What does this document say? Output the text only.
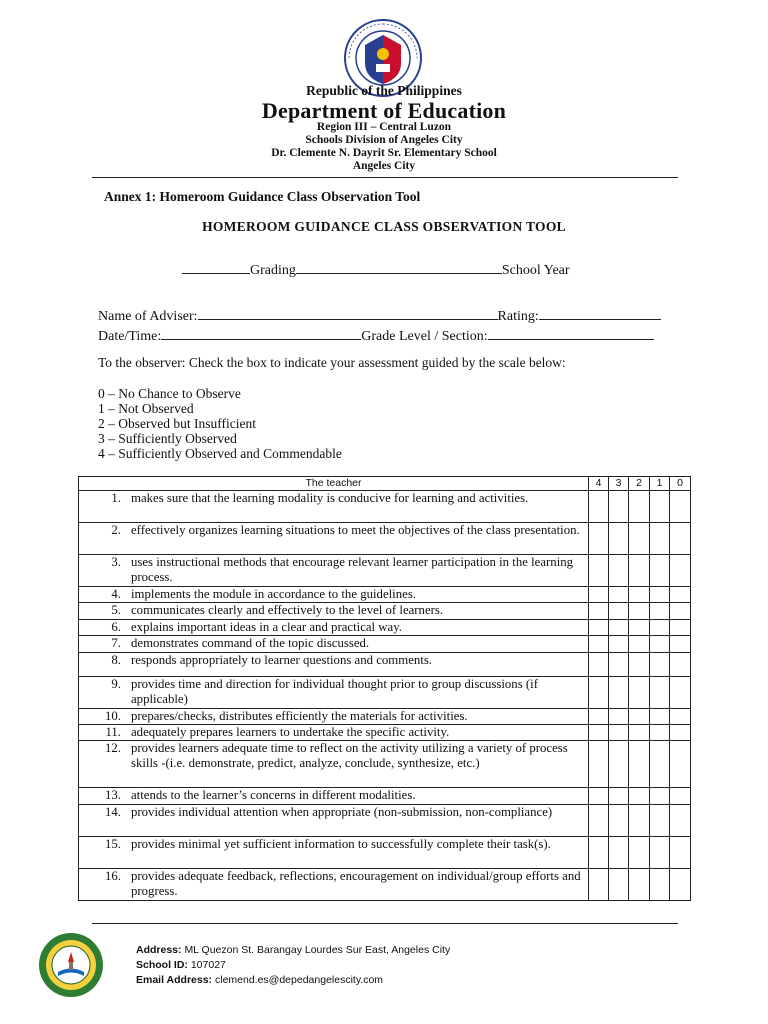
Republic of the Philippines
Department of Education
Region III – Central Luzon
Schools Division of Angeles City
Dr. Clemente N. Dayrit Sr. Elementary School
Angeles City
Annex 1: Homeroom Guidance Class Observation Tool
HOMEROOM GUIDANCE CLASS OBSERVATION TOOL
Grading	School Year
Name of Adviser:	Rating:
Date/Time:	Grade Level / Section:
To the observer: Check the box to indicate your assessment guided by the scale below:
0 – No Chance to Observe
1 – Not Observed
2 – Observed but Insufficient
3 – Sufficiently Observed
4 – Sufficiently Observed and Commendable
The teacher	4	3	2	1	0

1. makes sure that the learning modality is conducive for learning and activities.					

2. effectively organizes learning situations to meet the objectives of the class presentation.					

3. uses instructional methods that encourage relevant learner participation in the learning process.					

4. implements the module in accordance to the guidelines.					

5. communicates clearly and effectively to the level of learners.					

6. explains important ideas in a clear and practical way.					

7. demonstrates command of the topic discussed.					

8. responds appropriately to learner questions and comments.					

9. provides time and direction for individual thought prior to group discussions (if applicable)					

10. prepares/checks, distributes efficiently the materials for activities.					

11. adequately prepares learners to undertake the specific activity.					

12. provides learners adequate time to reflect on the activity utilizing a variety of process skills -(i.e. demonstrate, predict, analyze, conclude, synthesize, etc.)					

13. attends to the learner’s concerns in different modalities.					

14. provides individual attention when appropriate (non-submission, non-compliance)					

15. provides minimal yet sufficient information to successfully complete their task(s).					

16. provides adequate feedback, reflections, encouragement on individual/group efforts and progress.					

Address: ML Quezon St. Barangay Lourdes Sur East, Angeles City
School ID: 107027
Email Address: clemend.es@depedangelescity.com
